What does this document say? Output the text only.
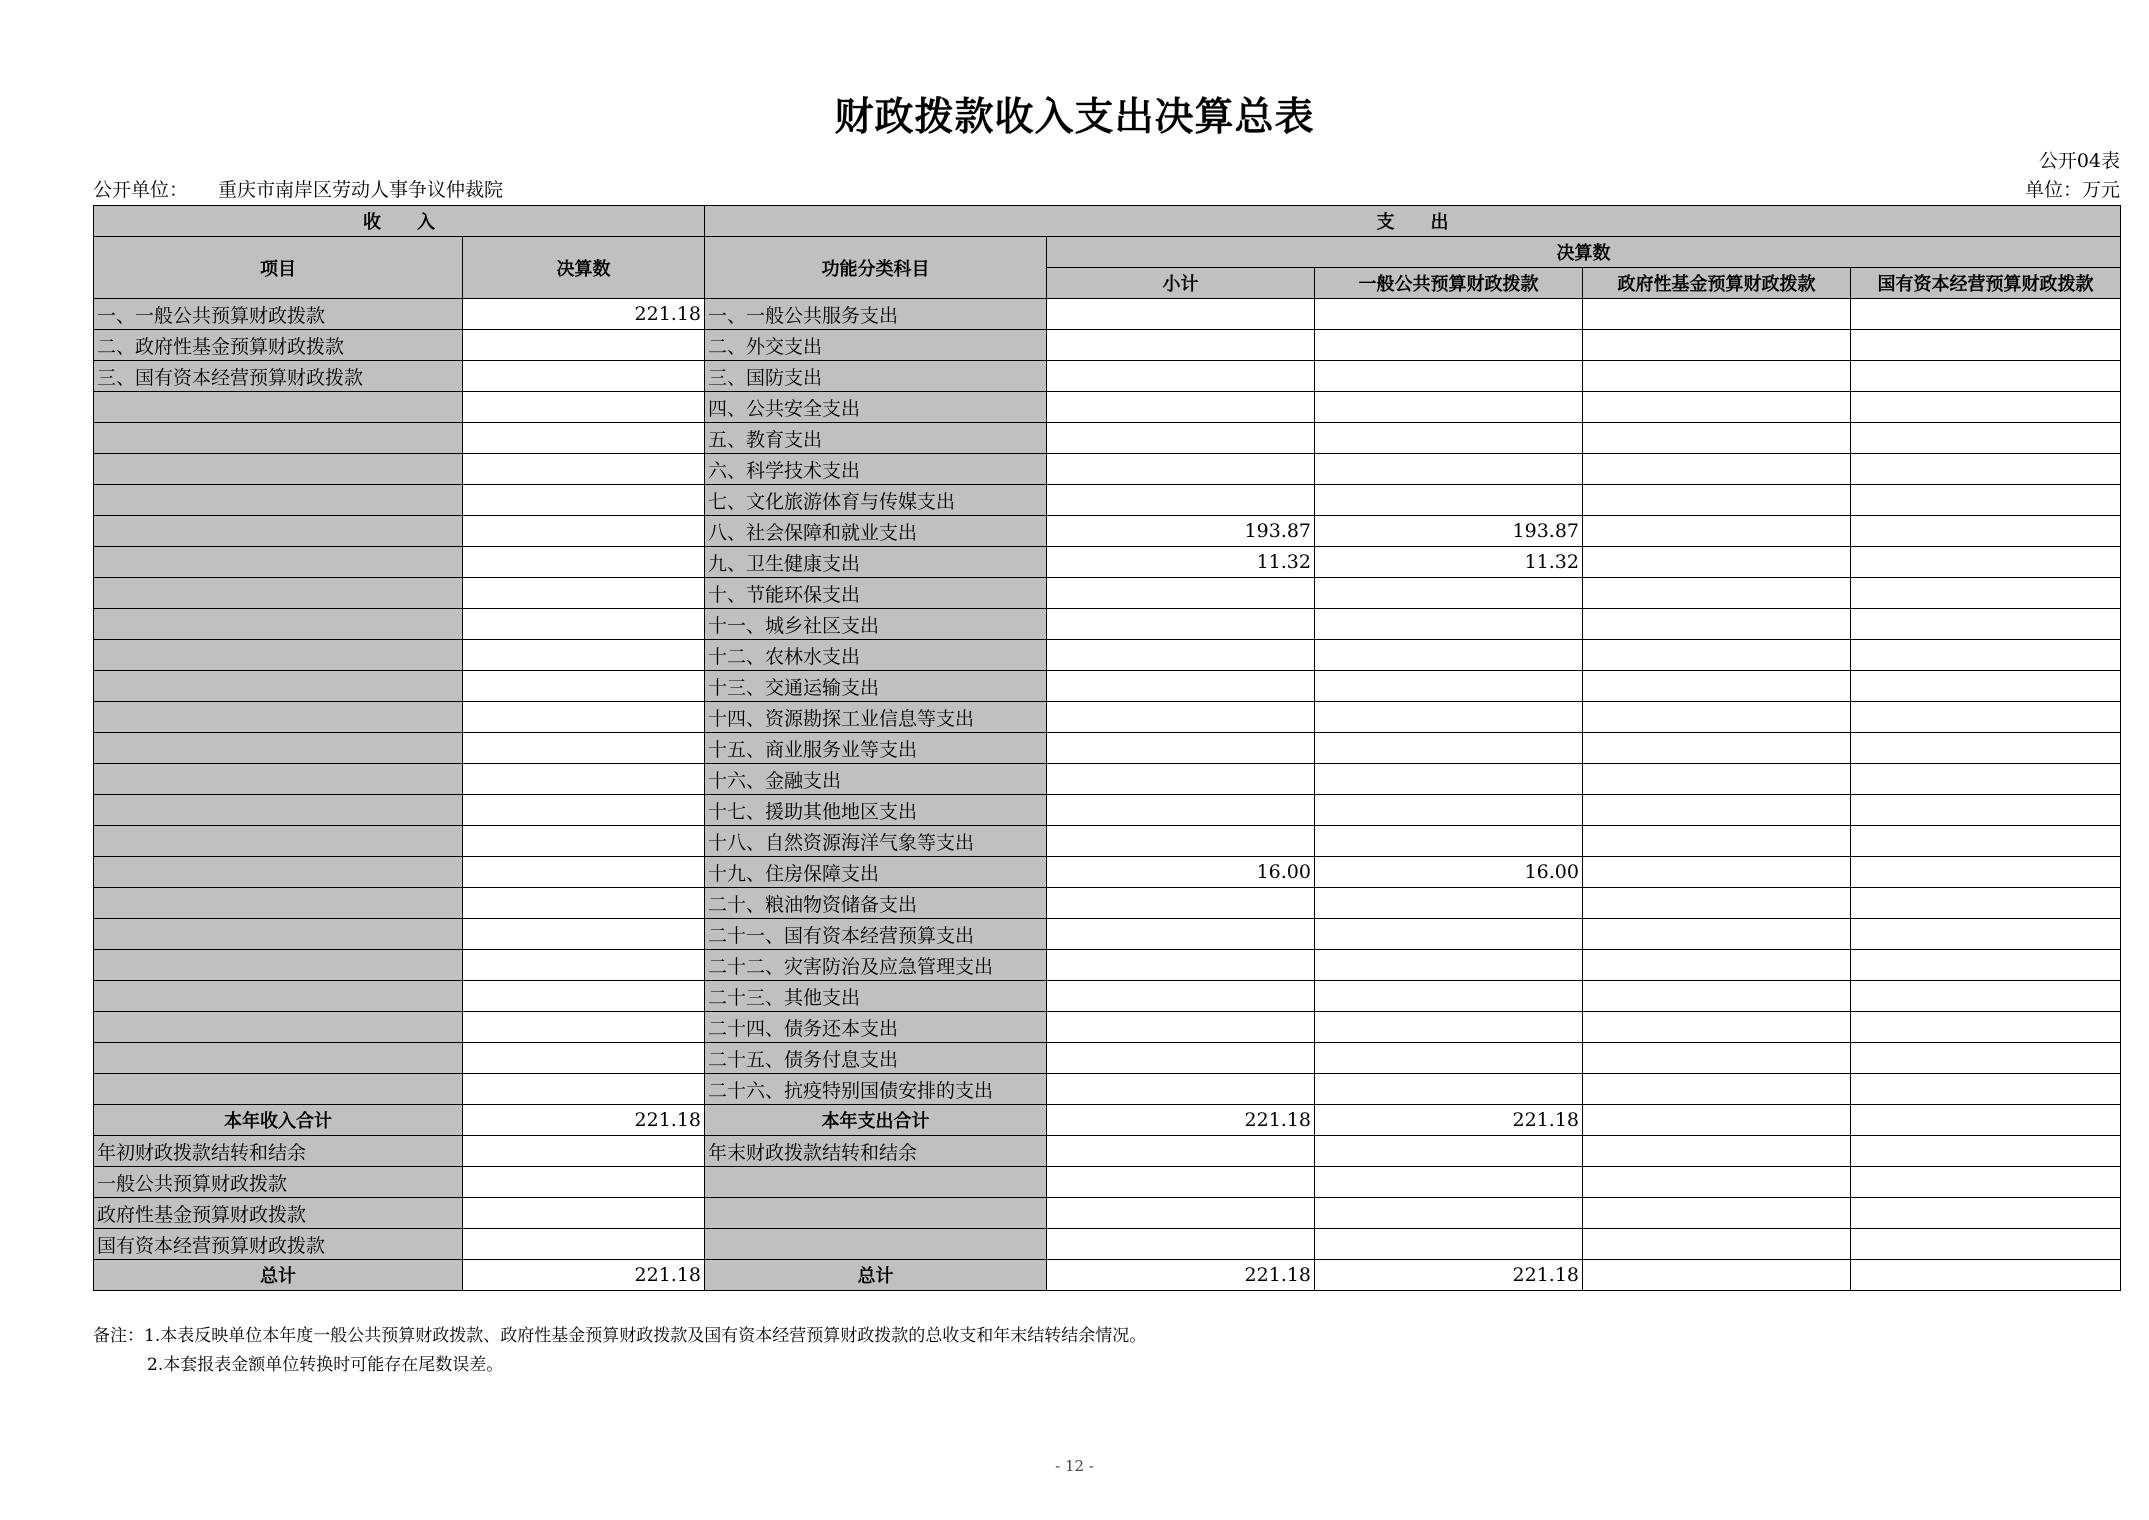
财政拨款收入支出决算总表
公开04表
公开单位： 重庆市南岸区劳动人事争议仲裁院	单位：万元
收　　入		支　　出				
项目	决算数	功能分类科目	决算数			
			小计	一般公共预算财政拨款	政府性基金预算财政拨款	国有资本经营预算财政拨款
一、一般公共预算财政拨款	221.18	一、一般公共服务支出				
二、政府性基金预算财政拨款		二、外交支出				
三、国有资本经营预算财政拨款		三、国防支出				
		四、公共安全支出				
		五、教育支出				
		六、科学技术支出				
		七、文化旅游体育与传媒支出				
		八、社会保障和就业支出	193.87	193.87		
		九、卫生健康支出	11.32	11.32		
		十、节能环保支出				
		十一、城乡社区支出				
		十二、农林水支出				
		十三、交通运输支出				
		十四、资源勘探工业信息等支出				
		十五、商业服务业等支出				
		十六、金融支出				
		十七、援助其他地区支出				
		十八、自然资源海洋气象等支出				
		十九、住房保障支出	16.00	16.00		
		二十、粮油物资储备支出				
		二十一、国有资本经营预算支出				
		二十二、灾害防治及应急管理支出				
		二十三、其他支出				
		二十四、债务还本支出				
		二十五、债务付息支出				
		二十六、抗疫特别国债安排的支出				
本年收入合计	221.18	本年支出合计	221.18	221.18		
年初财政拨款结转和结余		年末财政拨款结转和结余				
一般公共预算财政拨款						
政府性基金预算财政拨款						
国有资本经营预算财政拨款						
总计	221.18	总计	221.18	221.18		
备注：1.本表反映单位本年度一般公共预算财政拨款、政府性基金预算财政拨款及国有资本经营预算财政拨款的总收支和年末结转结余情况。
2.本套报表金额单位转换时可能存在尾数误差。
- 12 -
